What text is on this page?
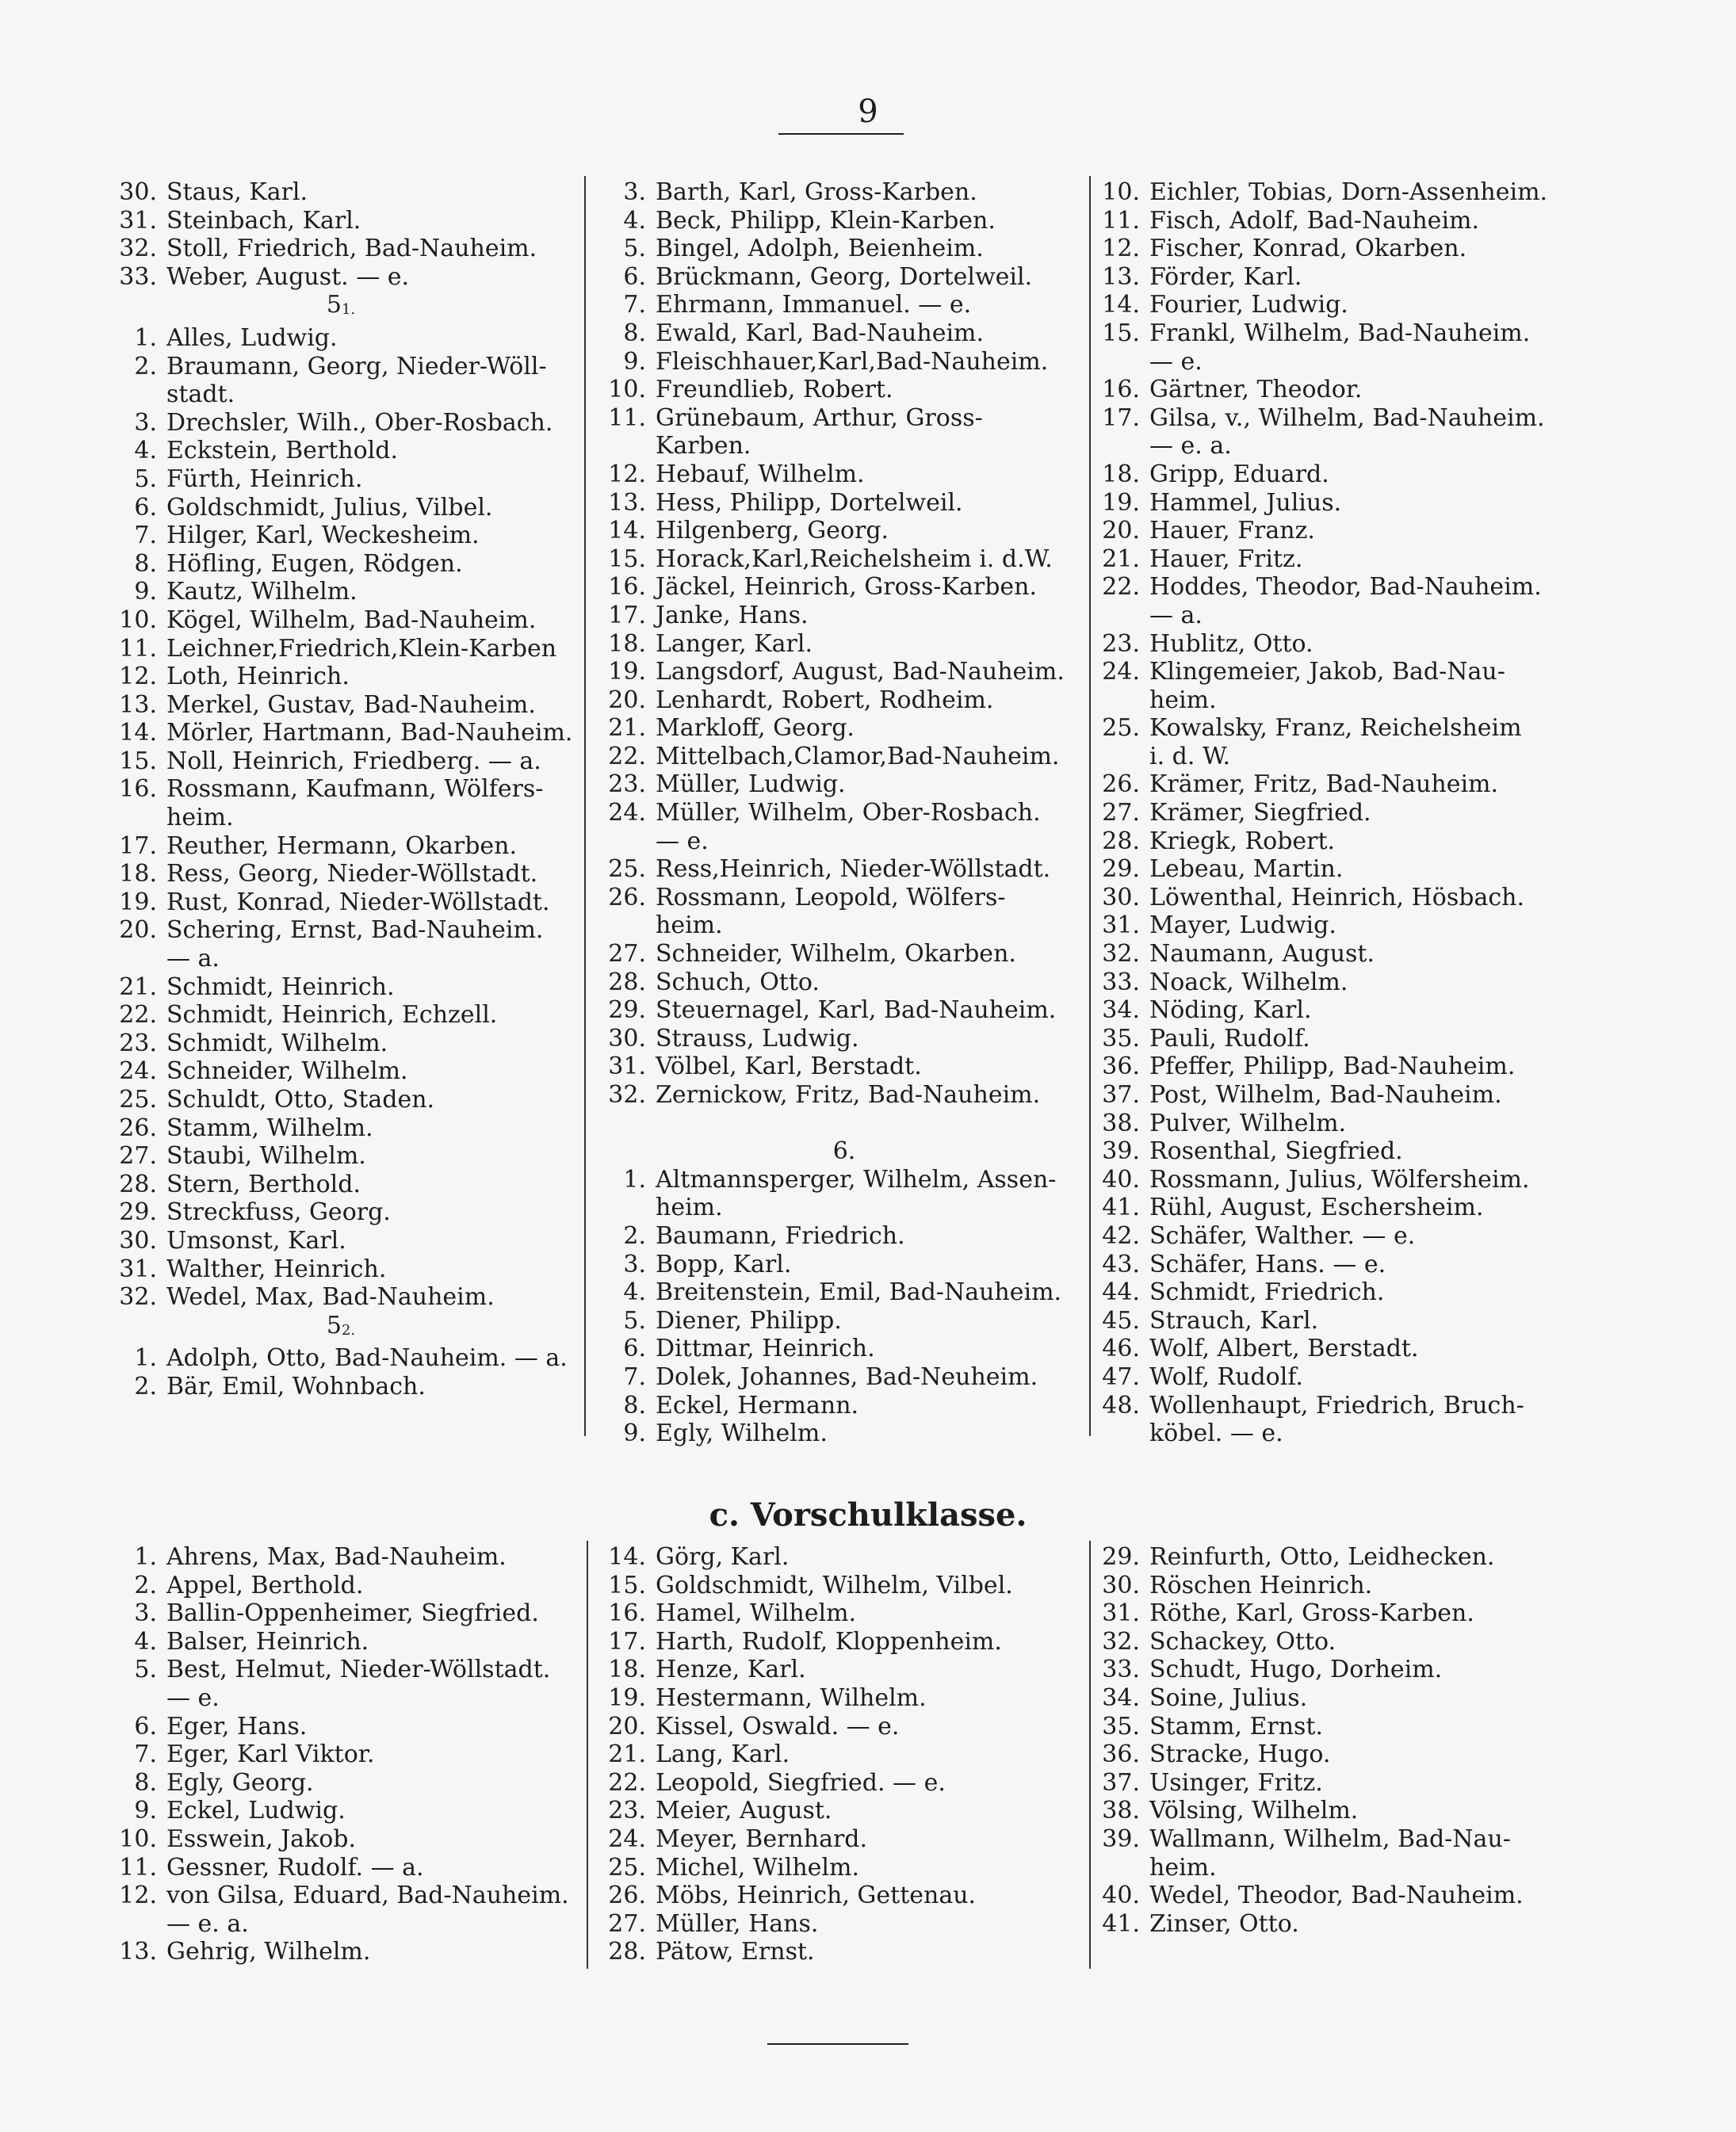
9
30. Staus, Karl.
31. Steinbach, Karl.
32. Stoll, Friedrich, Bad-Nauheim.
33. Weber, August. — e.
$5_{1.}$
1. Alles, Ludwig.
2. Braumann, Georg, Nieder-Wöll-
stadt.
3. Drechsler, Wilh., Ober-Rosbach.
4. Eckstein, Berthold.
5. Fürth, Heinrich.
6. Goldschmidt, Julius, Vilbel.
7. Hilger, Karl, Weckesheim.
8. Höfling, Eugen, Rödgen.
9. Kautz, Wilhelm.
10. Kögel, Wilhelm, Bad-Nauheim.
11. Leichner,Friedrich,Klein-Karben
12. Loth, Heinrich.
13. Merkel, Gustav, Bad-Nauheim.
14. Mörler, Hartmann, Bad-Nauheim.
15. Noll, Heinrich, Friedberg. — a.
16. Rossmann, Kaufmann, Wölfers-
heim.
17. Reuther, Hermann, Okarben.
18. Ress, Georg, Nieder-Wöllstadt.
19. Rust, Konrad, Nieder-Wöllstadt.
20. Schering, Ernst, Bad-Nauheim.
— a.
21. Schmidt, Heinrich.
22. Schmidt, Heinrich, Echzell.
23. Schmidt, Wilhelm.
24. Schneider, Wilhelm.
25. Schuldt, Otto, Staden.
26. Stamm, Wilhelm.
27. Staubi, Wilhelm.
28. Stern, Berthold.
29. Streckfuss, Georg.
30. Umsonst, Karl.
31. Walther, Heinrich.
32. Wedel, Max, Bad-Nauheim.
$5_{2.}$
1. Adolph, Otto, Bad-Nauheim. — a.
2. Bär, Emil, Wohnbach.
3. Barth, Karl, Gross-Karben.
4. Beck, Philipp, Klein-Karben.
5. Bingel, Adolph, Beienheim.
6. Brückmann, Georg, Dortelweil.
7. Ehrmann, Immanuel. — e.
8. Ewald, Karl, Bad-Nauheim.
9. Fleischhauer,Karl,Bad-Nauheim.
10. Freundlieb, Robert.
11. Grünebaum, Arthur, Gross-
Karben.
12. Hebauf, Wilhelm.
13. Hess, Philipp, Dortelweil.
14. Hilgenberg, Georg.
15. Horack,Karl,Reichelsheim i. d.W.
16. Jäckel, Heinrich, Gross-Karben.
17. Janke, Hans.
18. Langer, Karl.
19. Langsdorf, August, Bad-Nauheim.
20. Lenhardt, Robert, Rodheim.
21. Markloff, Georg.
22. Mittelbach,Clamor,Bad-Nauheim.
23. Müller, Ludwig.
24. Müller, Wilhelm, Ober-Rosbach.
— e.
25. Ress,Heinrich, Nieder-Wöllstadt.
26. Rossmann, Leopold, Wölfers-
heim.
27. Schneider, Wilhelm, Okarben.
28. Schuch, Otto.
29. Steuernagel, Karl, Bad-Nauheim.
30. Strauss, Ludwig.
31. Völbel, Karl, Berstadt.
32. Zernickow, Fritz, Bad-Nauheim.

6.
1. Altmannsperger, Wilhelm, Assen-
heim.
2. Baumann, Friedrich.
3. Bopp, Karl.
4. Breitenstein, Emil, Bad-Nauheim.
5. Diener, Philipp.
6. Dittmar, Heinrich.
7. Dolek, Johannes, Bad-Neuheim.
8. Eckel, Hermann.
9. Egly, Wilhelm.
10. Eichler, Tobias, Dorn-Assenheim.
11. Fisch, Adolf, Bad-Nauheim.
12. Fischer, Konrad, Okarben.
13. Förder, Karl.
14. Fourier, Ludwig.
15. Frankl, Wilhelm, Bad-Nauheim.
— e.
16. Gärtner, Theodor.
17. Gilsa, v., Wilhelm, Bad-Nauheim.
— e. a.
18. Gripp, Eduard.
19. Hammel, Julius.
20. Hauer, Franz.
21. Hauer, Fritz.
22. Hoddes, Theodor, Bad-Nauheim.
— a.
23. Hublitz, Otto.
24. Klingemeier, Jakob, Bad-Nau-
heim.
25. Kowalsky, Franz, Reichelsheim
i. d. W.
26. Krämer, Fritz, Bad-Nauheim.
27. Krämer, Siegfried.
28. Kriegk, Robert.
29. Lebeau, Martin.
30. Löwenthal, Heinrich, Hösbach.
31. Mayer, Ludwig.
32. Naumann, August.
33. Noack, Wilhelm.
34. Nöding, Karl.
35. Pauli, Rudolf.
36. Pfeffer, Philipp, Bad-Nauheim.
37. Post, Wilhelm, Bad-Nauheim.
38. Pulver, Wilhelm.
39. Rosenthal, Siegfried.
40. Rossmann, Julius, Wölfersheim.
41. Rühl, August, Eschersheim.
42. Schäfer, Walther. — e.
43. Schäfer, Hans. — e.
44. Schmidt, Friedrich.
45. Strauch, Karl.
46. Wolf, Albert, Berstadt.
47. Wolf, Rudolf.
48. Wollenhaupt, Friedrich, Bruch-
köbel. — e.
c. Vorschulklasse.
1. Ahrens, Max, Bad-Nauheim.
2. Appel, Berthold.
3. Ballin-Oppenheimer, Siegfried.
4. Balser, Heinrich.
5. Best, Helmut, Nieder-Wöllstadt.
— e.
6. Eger, Hans.
7. Eger, Karl Viktor.
8. Egly, Georg.
9. Eckel, Ludwig.
10. Esswein, Jakob.
11. Gessner, Rudolf. — a.
12. von Gilsa, Eduard, Bad-Nauheim.
— e. a.
13. Gehrig, Wilhelm.
14. Görg, Karl.
15. Goldschmidt, Wilhelm, Vilbel.
16. Hamel, Wilhelm.
17. Harth, Rudolf, Kloppenheim.
18. Henze, Karl.
19. Hestermann, Wilhelm.
20. Kissel, Oswald. — e.
21. Lang, Karl.
22. Leopold, Siegfried. — e.
23. Meier, August.
24. Meyer, Bernhard.
25. Michel, Wilhelm.
26. Möbs, Heinrich, Gettenau.
27. Müller, Hans.
28. Pätow, Ernst.
29. Reinfurth, Otto, Leidhecken.
30. Röschen Heinrich.
31. Röthe, Karl, Gross-Karben.
32. Schackey, Otto.
33. Schudt, Hugo, Dorheim.
34. Soine, Julius.
35. Stamm, Ernst.
36. Stracke, Hugo.
37. Usinger, Fritz.
38. Völsing, Wilhelm.
39. Wallmann, Wilhelm, Bad-Nau-
heim.
40. Wedel, Theodor, Bad-Nauheim.
41. Zinser, Otto.
